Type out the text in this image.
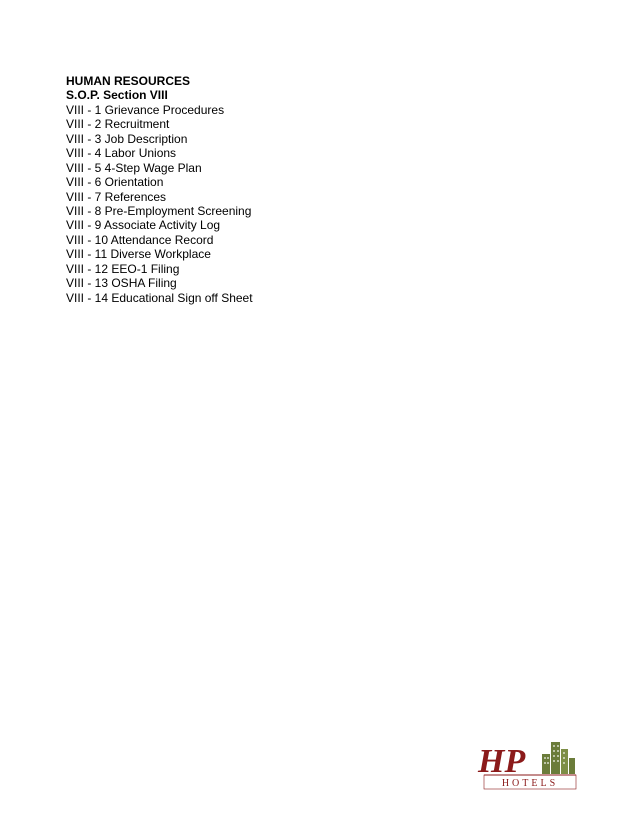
HUMAN RESOURCES
S.O.P. Section VIII
VIII - 1 Grievance Procedures
VIII - 2 Recruitment
VIII - 3 Job Description
VIII - 4 Labor Unions
VIII - 5 4-Step Wage Plan
VIII - 6 Orientation
VIII - 7 References
VIII - 8 Pre-Employment Screening
VIII - 9 Associate Activity Log
VIII - 10 Attendance Record
VIII - 11 Diverse Workplace
VIII - 12 EEO-1 Filing
VIII - 13 OSHA Filing
VIII - 14 Educational Sign off Sheet
HP
HOTELS
